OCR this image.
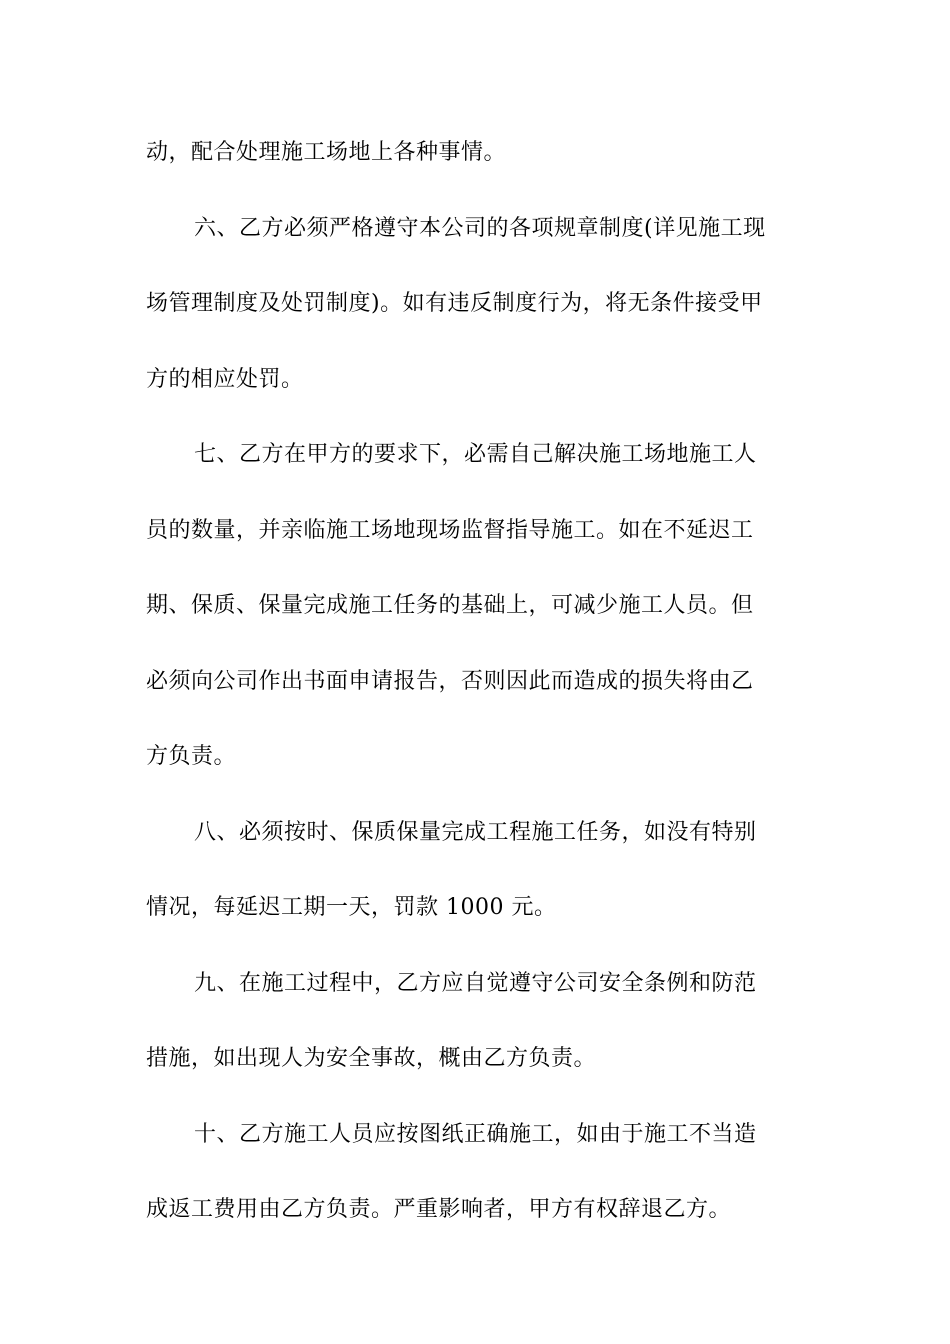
动，配合处理施工场地上各种事情。
六、乙方必须严格遵守本公司的各项规章制度(详见施工现
场管理制度及处罚制度)。如有违反制度行为，将无条件接受甲
方的相应处罚。
七、乙方在甲方的要求下，必需自己解决施工场地施工人
员的数量，并亲临施工场地现场监督指导施工。如在不延迟工
期、保质、保量完成施工任务的基础上，可减少施工人员。但
必须向公司作出书面申请报告，否则因此而造成的损失将由乙
方负责。
八、必须按时、保质保量完成工程施工任务，如没有特别
情况，每延迟工期一天，罚款 1000 元。
九、在施工过程中，乙方应自觉遵守公司安全条例和防范
措施，如出现人为安全事故，概由乙方负责。
十、乙方施工人员应按图纸正确施工，如由于施工不当造
成返工费用由乙方负责。严重影响者，甲方有权辞退乙方。
